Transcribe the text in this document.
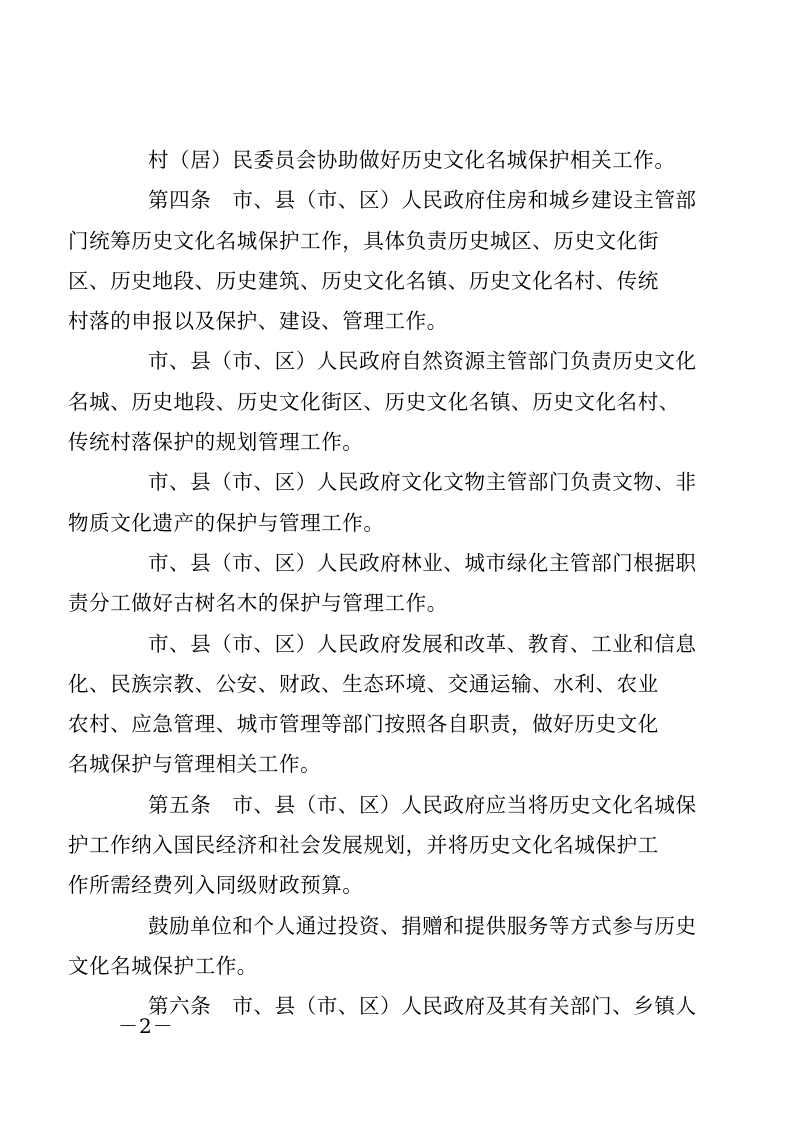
村（居）民委员会协助做好历史文化名城保护相关工作。

第四条　市、县（市、区）人民政府住房和城乡建设主管部
门统筹历史文化名城保护工作，具体负责历史城区、历史文化街
区、历史地段、历史建筑、历史文化名镇、历史文化名村、传统
村落的申报以及保护、建设、管理工作。

市、县（市、区）人民政府自然资源主管部门负责历史文化
名城、历史地段、历史文化街区、历史文化名镇、历史文化名村、
传统村落保护的规划管理工作。

市、县（市、区）人民政府文化文物主管部门负责文物、非
物质文化遗产的保护与管理工作。

市、县（市、区）人民政府林业、城市绿化主管部门根据职
责分工做好古树名木的保护与管理工作。

市、县（市、区）人民政府发展和改革、教育、工业和信息
化、民族宗教、公安、财政、生态环境、交通运输、水利、农业
农村、应急管理、城市管理等部门按照各自职责，做好历史文化
名城保护与管理相关工作。

第五条　市、县（市、区）人民政府应当将历史文化名城保
护工作纳入国民经济和社会发展规划，并将历史文化名城保护工
作所需经费列入同级财政预算。

鼓励单位和个人通过投资、捐赠和提供服务等方式参与历史
文化名城保护工作。

第六条　市、县（市、区）人民政府及其有关部门、乡镇人

－2－
